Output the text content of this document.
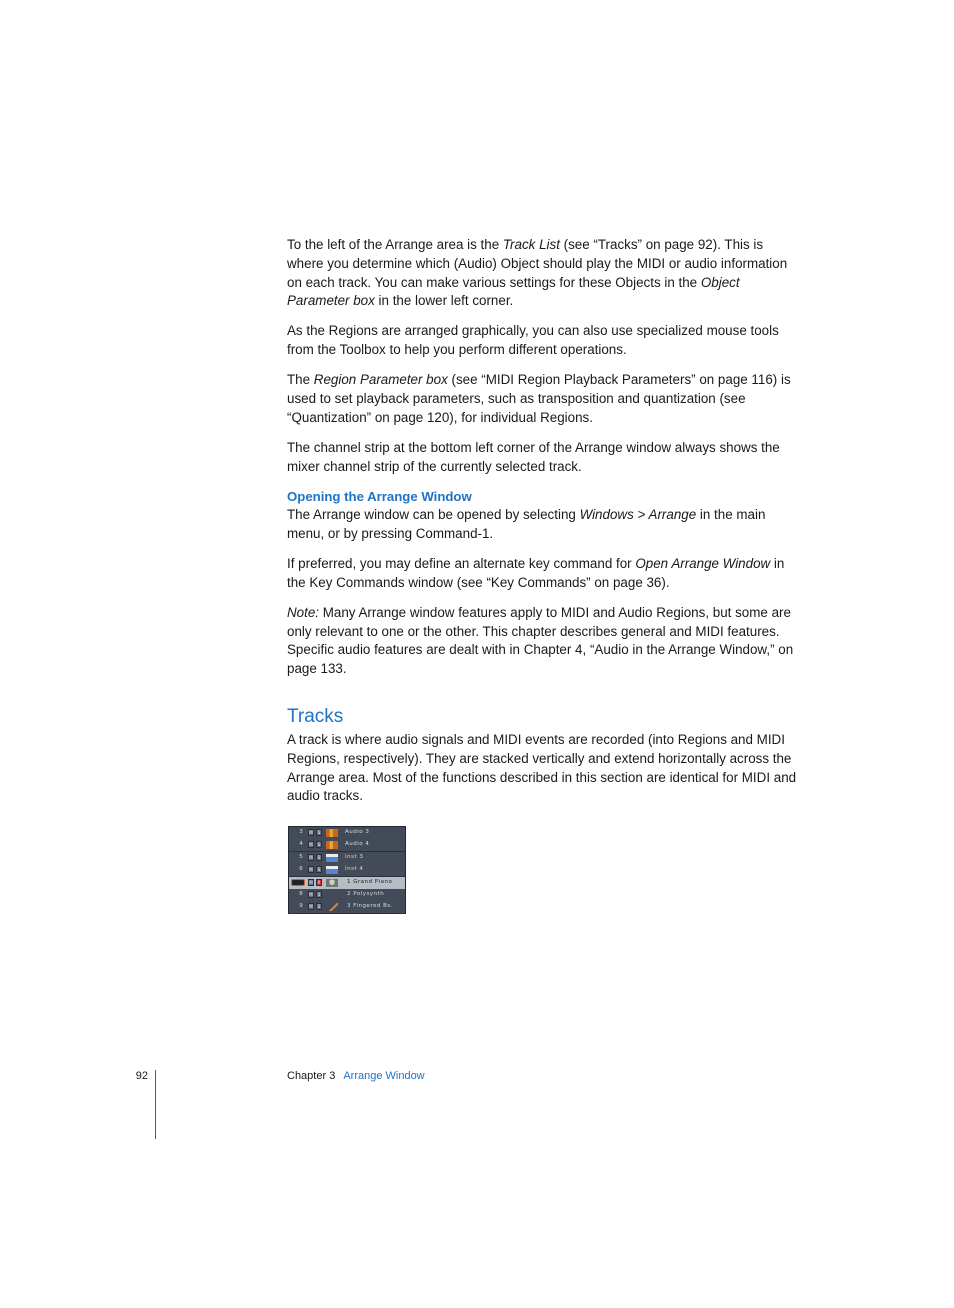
To the left of the Arrange area is the Track List (see “Tracks” on page 92). This is where you determine which (Audio) Object should play the MIDI or audio information on each track. You can make various settings for these Objects in the Object Parameter box in the lower left corner.

As the Regions are arranged graphically, you can also use specialized mouse tools from the Toolbox to help you perform different operations.

The Region Parameter box (see “MIDI Region Playback Parameters” on page 116) is used to set playback parameters, such as transposition and quantization (see “Quantization” on page 120), for individual Regions.

The channel strip at the bottom left corner of the Arrange window always shows the mixer channel strip of the currently selected track.

Opening the Arrange Window

The Arrange window can be opened by selecting Windows > Arrange in the main menu, or by pressing Command-1.

If preferred, you may define an alternate key command for Open Arrange Window in the Key Commands window (see “Key Commands” on page 36).

Note: Many Arrange window features apply to MIDI and Audio Regions, but some are only relevant to one or the other. This chapter describes general and MIDI features. Specific audio features are dealt with in Chapter 4, “Audio in the Arrange Window,” on page 133.

Tracks

A track is where audio signals and MIDI events are recorded (into Regions and MIDI Regions, respectively). They are stacked vertically and extend horizontally across the Arrange area. Most of the functions described in this section are identical for MIDI and audio tracks.

3	M	S	Audio 3
4	M	S	Audio 4
5	M	S	Inst 3
6	M	S	Inst 4
M	R	1 Grand Piano
8	M	S	2 Polysynth
9	M	S	3 Fingered Bs.
92	Chapter 3 Arrange Window
